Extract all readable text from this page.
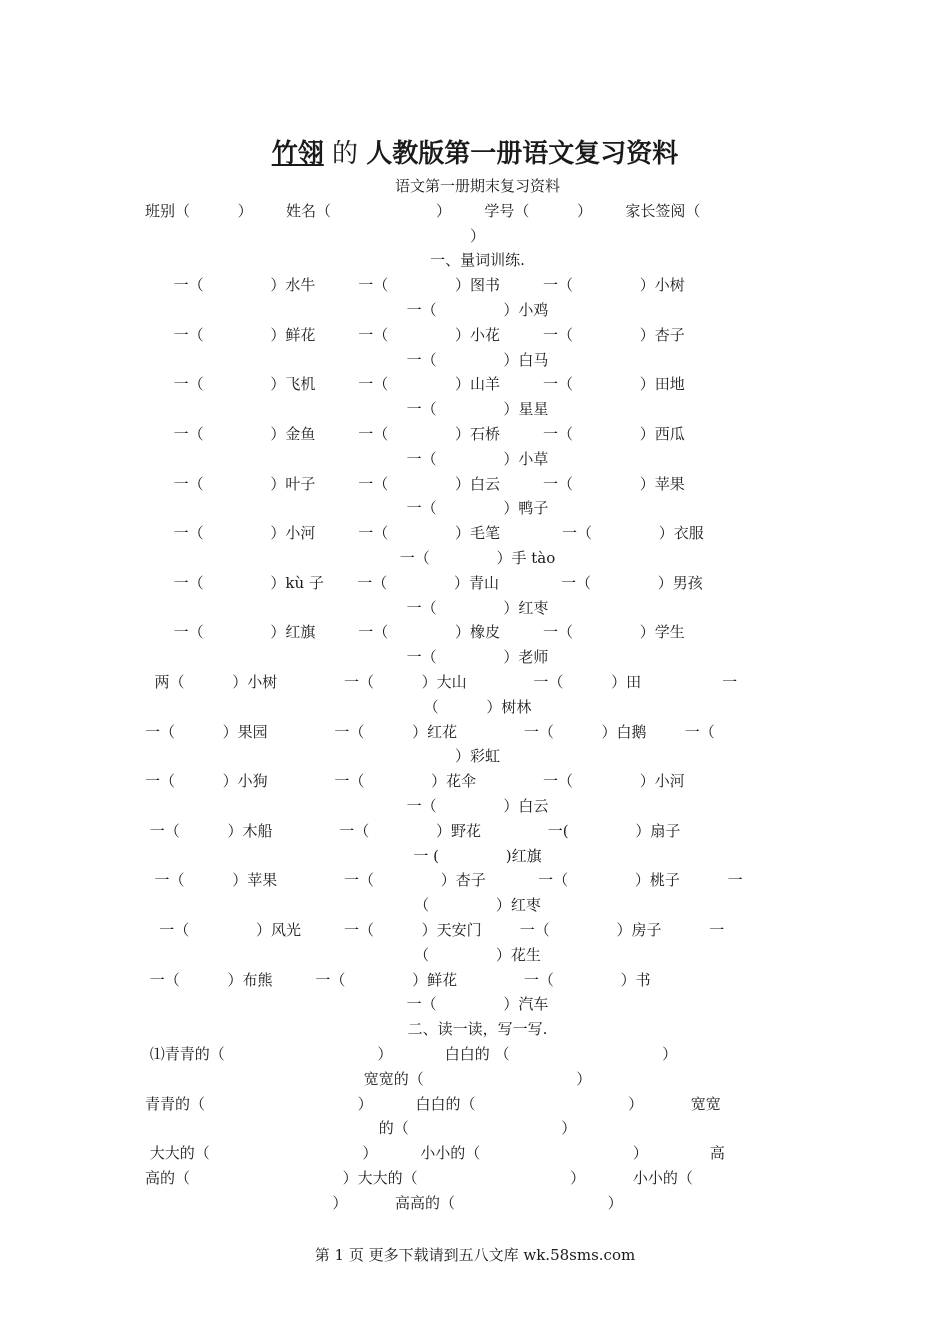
竹翎 的 人教版第一册语文复习资料
语文第一册期末复习资料
班别（          ）       姓名（                      ）       学号（          ）       家长签阅（
）
一、量词训练.
一（              ）水牛         一（              ）图书         一（              ）小树
一（              ）小鸡
一（              ）鲜花         一（              ）小花         一（              ）杏子
一（              ）白马
一（              ）飞机         一（              ）山羊         一（              ）田地
一（              ）星星
一（              ）金鱼         一（              ）石桥         一（              ）西瓜
一（              ）小草
一（              ）叶子         一（              ）白云         一（              ）苹果
一（              ）鸭子
一（              ）小河         一（              ）毛笔             一（              ）衣服
一（              ）手 tào
一（              ）kù 子       一（              ）青山             一（              ）男孩
一（              ）红枣
一（              ）红旗         一（              ）橡皮         一（              ）学生
一（              ）老师
两（          ）小树              一（          ）大山              一（          ）田                 一
（          ）树林
一（          ）果园              一（          ）红花              一（          ）白鹅        一（
）彩虹
一（          ）小狗              一（              ）花伞              一（              ）小河
一（              ）白云
一（          ）木船              一（              ）野花              一(              ）扇子
一 (              )红旗
一（          ）苹果              一（              ）杏子           一（              ）桃子          一
（              ）红枣
一（              ）风光         一（          ）天安门        一（              ）房子          一
（              ）花生
一（          ）布熊         一（              ）鲜花              一（              ）书
一（              ）汽车
二、读一读，写一写.
⑴青青的（                                ）           白白的 （                                ）
宽宽的（                                ）
青青的（                                ）         白白的（                                ）          宽宽
的（                                ）
大大的（                                ）         小小的（                                ）             高
高的（                                ）大大的（                                ）          小小的（
）          高高的（                                ）
第 1 页 更多下载请到五八文库 wk.58sms.com
